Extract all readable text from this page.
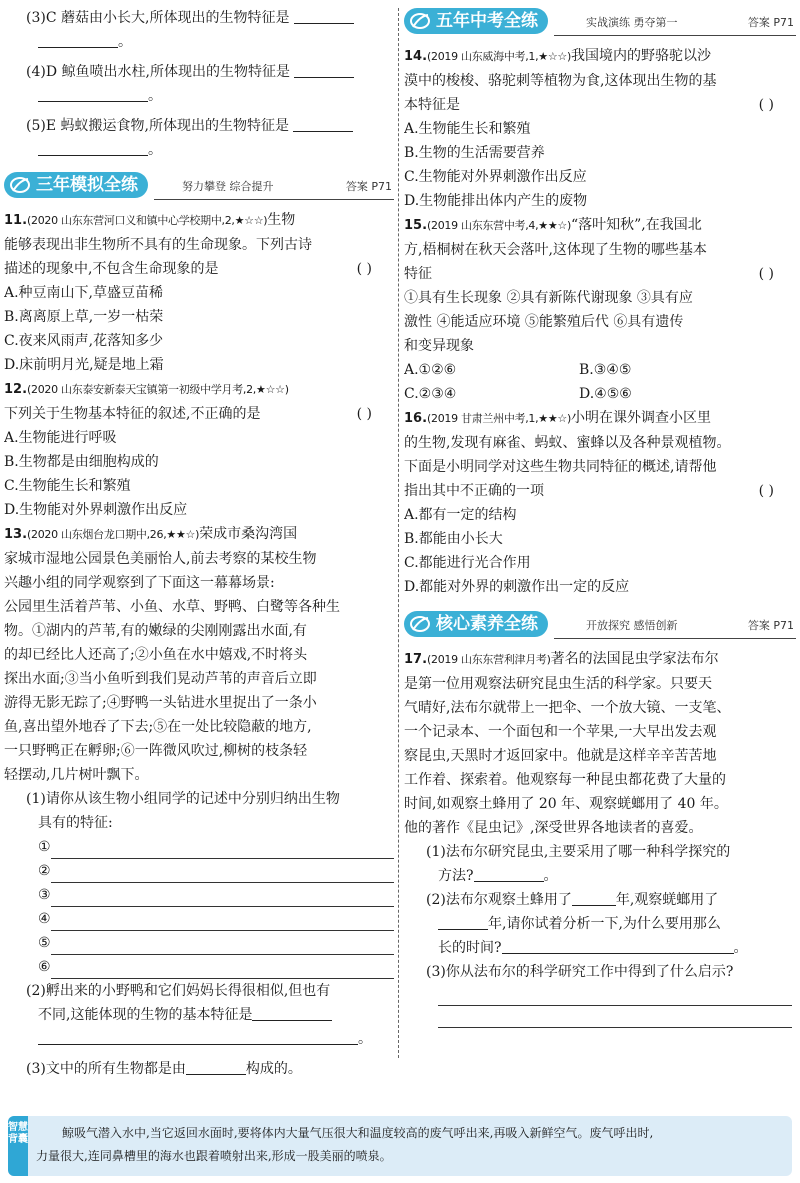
(3)C 蘑菇由小长大,所体现出的生物特征是
。
(4)D 鲸鱼喷出水柱,所体现出的生物特征是
。
(5)E 蚂蚁搬运食物,所体现出的生物特征是
。
三年模拟全练	努力攀登 综合提升	答案 P71
11.(2020 山东东营河口义和镇中心学校期中,2,★☆☆)生物
能够表现出非生物所不具有的生命现象。下列古诗
描述的现象中,不包含生命现象的是	( )
A.种豆南山下,草盛豆苗稀
B.离离原上草,一岁一枯荣
C.夜来风雨声,花落知多少
D.床前明月光,疑是地上霜
12.(2020 山东泰安新泰天宝镇第一初级中学月考,2,★☆☆)
下列关于生物基本特征的叙述,不正确的是	( )
A.生物能进行呼吸
B.生物都是由细胞构成的
C.生物能生长和繁殖
D.生物能对外界刺激作出反应
13.(2020 山东烟台龙口期中,26,★★☆)荣成市桑沟湾国
家城市湿地公园景色美丽怡人,前去考察的某校生物
兴趣小组的同学观察到了下面这一幕幕场景:
公园里生活着芦苇、小鱼、水草、野鸭、白鹭等各种生
物。①湖内的芦苇,有的嫩绿的尖刚刚露出水面,有
的却已经比人还高了;②小鱼在水中嬉戏,不时将头
探出水面;③当小鱼听到我们晃动芦苇的声音后立即
游得无影无踪了;④野鸭一头钻进水里捉出了一条小
鱼,喜出望外地吞了下去;⑤在一处比较隐蔽的地方,
一只野鸭正在孵卵;⑥一阵微风吹过,柳树的枝条轻
轻摆动,几片树叶飘下。
(1)请你从该生物小组同学的记述中分别归纳出生物
具有的特征:
①
②
③
④
⑤
⑥
(2)孵出来的小野鸭和它们妈妈长得很相似,但也有
不同,这能体现的生物的基本特征是
。
(3)文中的所有生物都是由	构成的。
五年中考全练	实战演练 勇夺第一	答案 P71
14.(2019 山东威海中考,1,★☆☆)我国境内的野骆驼以沙
漠中的梭梭、骆驼刺等植物为食,这体现出生物的基
本特征是	( )
A.生物能生长和繁殖
B.生物的生活需要营养
C.生物能对外界刺激作出反应
D.生物能排出体内产生的废物
15.(2019 山东东营中考,4,★★☆)“落叶知秋”,在我国北
方,梧桐树在秋天会落叶,这体现了生物的哪些基本
特征	( )
①具有生长现象 ②具有新陈代谢现象 ③具有应
激性 ④能适应环境 ⑤能繁殖后代 ⑥具有遗传
和变异现象
A.①②⑥	B.③④⑤
C.②③④	D.④⑤⑥
16.(2019 甘肃兰州中考,1,★★☆)小明在课外调查小区里
的生物,发现有麻雀、蚂蚁、蜜蜂以及各种景观植物。
下面是小明同学对这些生物共同特征的概述,请帮他
指出其中不正确的一项	( )
A.都有一定的结构
B.都能由小长大
C.都能进行光合作用
D.都能对外界的刺激作出一定的反应
核心素养全练	开放探究 感悟创新	答案 P71
17.(2019 山东东营利津月考)著名的法国昆虫学家法布尔
是第一位用观察法研究昆虫生活的科学家。只要天
气晴好,法布尔就带上一把伞、一个放大镜、一支笔、
一个记录本、一个面包和一个苹果,一大早出发去观
察昆虫,天黑时才返回家中。他就是这样辛辛苦苦地
工作着、探索着。他观察每一种昆虫都花费了大量的
时间,如观察土蜂用了 20 年、观察蜣螂用了 40 年。
他的著作《昆虫记》,深受世界各地读者的喜爱。
(1)法布尔研究昆虫,主要采用了哪一种科学探究的
方法?	。
(2)法布尔观察土蜂用了	年,观察蜣螂用了
年,请你试着分析一下,为什么要用那么
长的时间?	。
(3)你从法布尔的科学研究工作中得到了什么启示?
智慧背囊	鲸吸气潜入水中,当它返回水面时,要将体内大量气压很大和温度较高的废气呼出来,再吸入新鲜空气。废气呼出时,
力量很大,连同鼻槽里的海水也跟着喷射出来,形成一股美丽的喷泉。
